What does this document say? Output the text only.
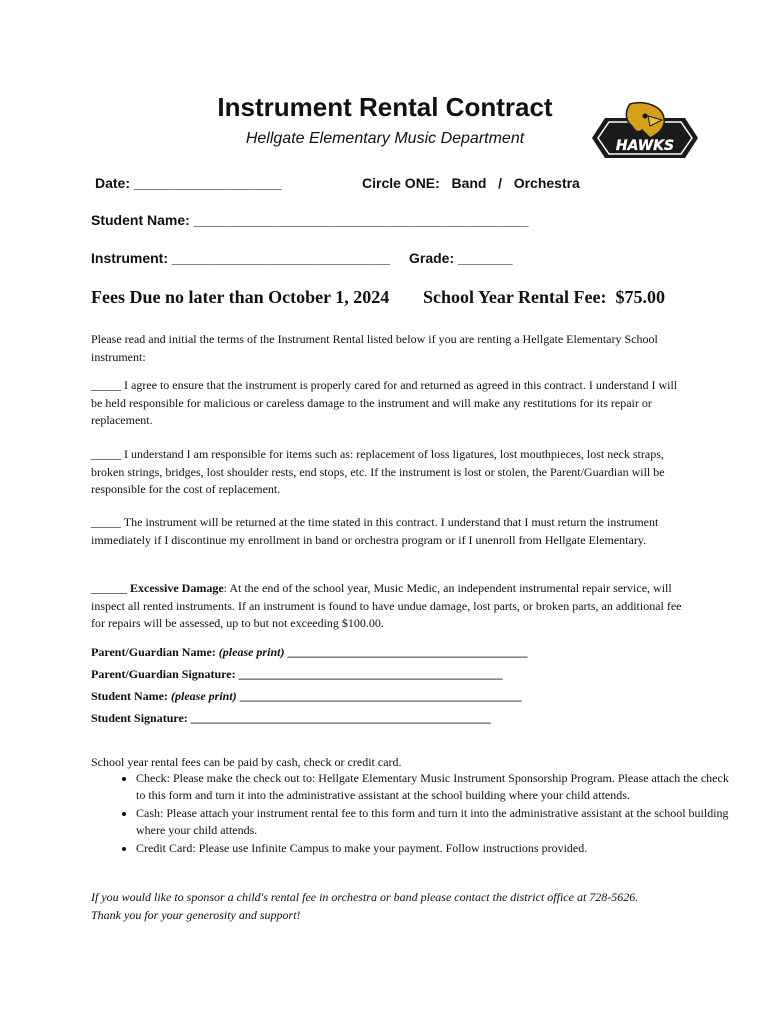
Instrument Rental Contract
Hellgate Elementary Music Department	HAWKS
Date: ___________________	Circle ONE:   Band   /   Orchestra
Student Name: ___________________________________________
Instrument: ____________________________ Grade: _______
Fees Due no later than October 1, 2024 School Year Rental Fee:  $75.00
Please read and initial the terms of the Instrument Rental listed below if you are renting a Hellgate Elementary School instrument:
_____ I agree to ensure that the instrument is properly cared for and returned as agreed in this contract. I understand I will be held responsible for malicious or careless damage to the instrument and will make any restitutions for its repair or replacement.
_____ I understand I am responsible for items such as: replacement of loss ligatures, lost mouthpieces, lost neck straps, broken strings, bridges, lost shoulder rests, end stops, etc. If the instrument is lost or stolen, the Parent/Guardian will be responsible for the cost of replacement.
_____ The instrument will be returned at the time stated in this contract. I understand that I must return the instrument immediately if I discontinue my enrollment in band or orchestra program or if I unenroll from Hellgate Elementary.
______ Excessive Damage: At the end of the school year, Music Medic, an independent instrumental repair service, will inspect all rented instruments. If an instrument is found to have undue damage, lost parts, or broken parts, an additional fee for repairs will be assessed, up to but not exceeding $100.00.
Parent/Guardian Name: (please print) ________________________________________
Parent/Guardian Signature: ____________________________________________
Student Name: (please print) _______________________________________________
Student Signature: __________________________________________________
School year rental fees can be paid by cash, check or credit card.
• Check: Please make the check out to: Hellgate Elementary Music Instrument Sponsorship Program. Please attach the check to this form and turn it into the administrative assistant at the school building where your child attends.
• Cash: Please attach your instrument rental fee to this form and turn it into the administrative assistant at the school building where your child attends.
• Credit Card: Please use Infinite Campus to make your payment. Follow instructions provided.
If you would like to sponsor a child's rental fee in orchestra or band please contact the district office at 728-5626.
Thank you for your generosity and support!
